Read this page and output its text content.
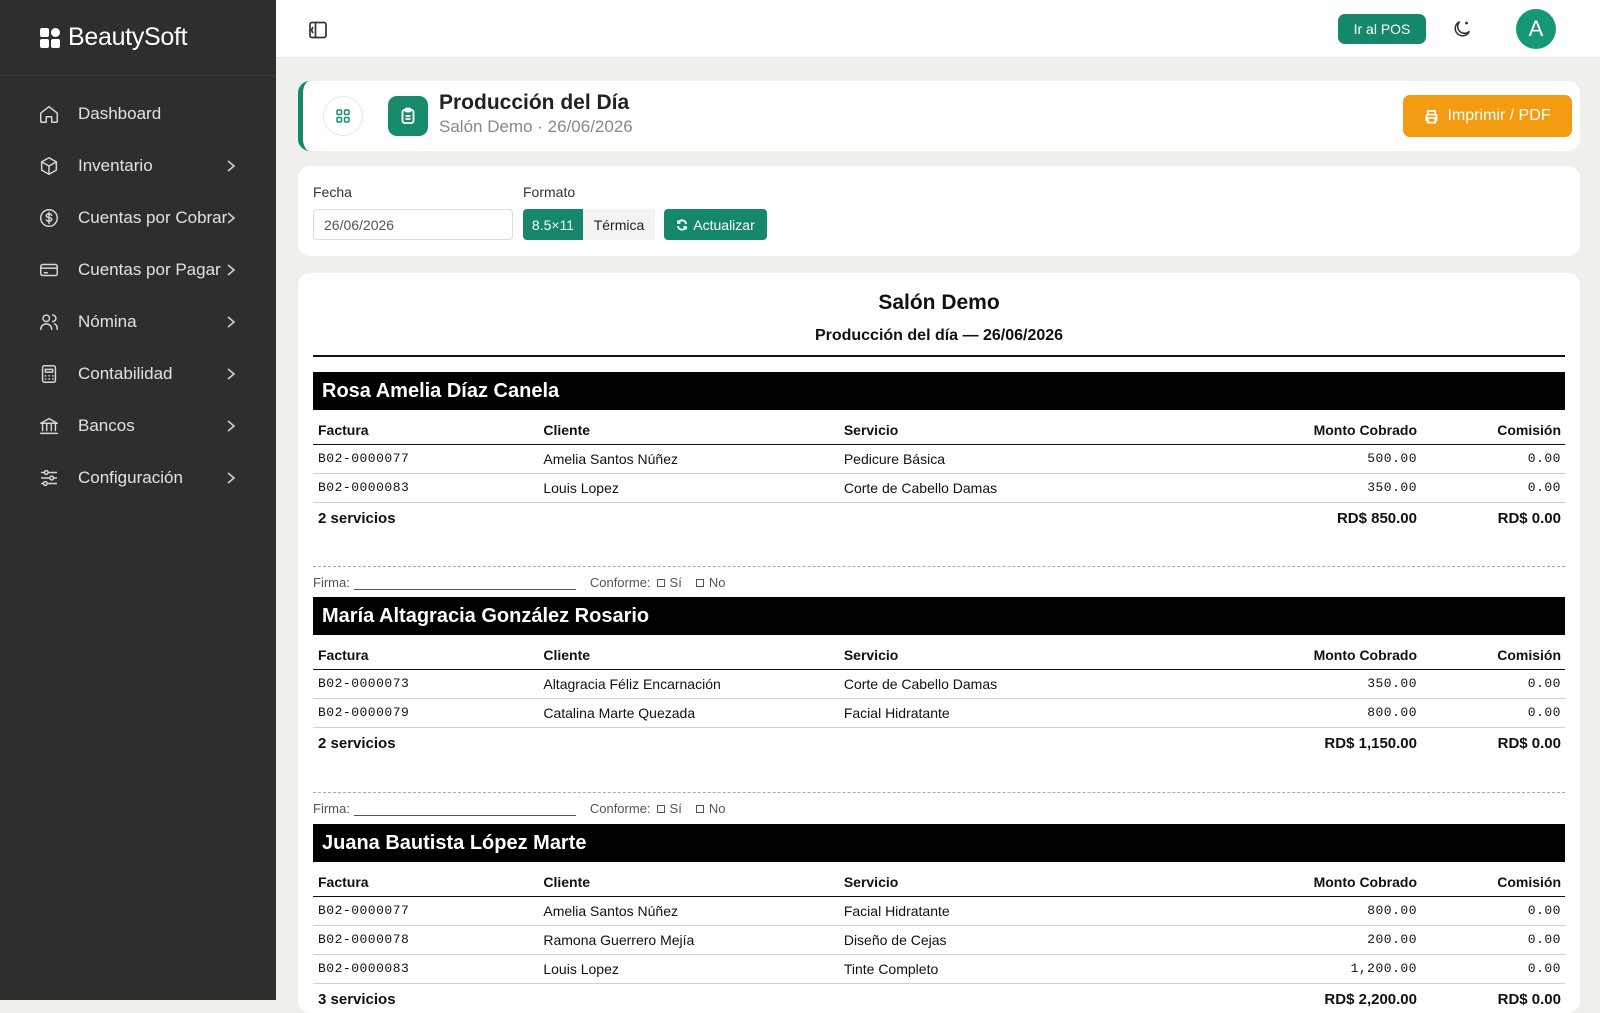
BeautySoft
Dashboard
Inventario
Cuentas por Cobrar
Cuentas por Pagar
Nómina
Contabilidad
Bancos
Configuración
Ir al POS	A
Producción del Día
Salón Demo · 26/06/2026
Imprimir / PDF
Fecha
26/06/2026	Formato
8.5×11	Térmica	Actualizar
Salón Demo
Producción del día — 26/06/2026
Rosa Amelia Díaz Canela
Factura	Cliente	Servicio	Monto Cobrado	Comisión
B02-0000077	Amelia Santos Núñez	Pedicure Básica	500.00	0.00
B02-0000083	Louis Lopez	Corte de Cabello Damas	350.00	0.00
2 servicios			RD$ 850.00	RD$ 0.00
Firma:	Conforme: Sí No
María Altagracia González Rosario
Factura	Cliente	Servicio	Monto Cobrado	Comisión
B02-0000073	Altagracia Féliz Encarnación	Corte de Cabello Damas	350.00	0.00
B02-0000079	Catalina Marte Quezada	Facial Hidratante	800.00	0.00
2 servicios			RD$ 1,150.00	RD$ 0.00
Firma:	Conforme: Sí No
Juana Bautista López Marte
Factura	Cliente	Servicio	Monto Cobrado	Comisión
B02-0000077	Amelia Santos Núñez	Facial Hidratante	800.00	0.00
B02-0000078	Ramona Guerrero Mejía	Diseño de Cejas	200.00	0.00
B02-0000083	Louis Lopez	Tinte Completo	1,200.00	0.00
3 servicios			RD$ 2,200.00	RD$ 0.00
